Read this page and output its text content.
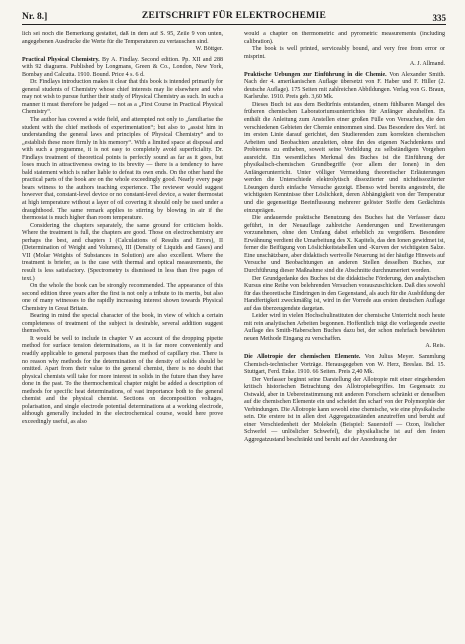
Nr. 8.]	ZEITSCHRIFT FÜR ELEKTROCHEMIE	335

lich sei noch die Bemerkung gestattet, daß in dem auf S. 95, Zeile 9 von unten, angegebenen Ausdrucke die Werte für die Temperaturen zu vertauschen sind.

W. Böttger.

Practical Physical Chemistry. By A. Findlay. Second edition. Pp. XII and 288 with 92 diagrams. Published by Longmans, Green & Co., London, New York, Bombay and Calcutta. 1910. Bound. Price 4 s. 6 d.

Dr. Findlays introduction makes it clear that this book is intended primarily for general students of Chemistry whose chief interests may lie elsewhere and who may not wish to pursue further their study of Physical Chemistry as such. In such a manner it must therefore be judged — not as a „First Course in Practical Physical Chemistry“.

The author has covered a wide field, and attempted not only to „familiarise the student with the chief methods of experimentation“; but also to „assist him in understanding the general laws and principles of Physical Chemistry“ and to „establish these more firmly in his memory“. With a limited space at disposal and with such a programme, it is not easy to completely avoid superficiality. Dr. Findlays treatment of theoretical points is perfectly sound as far as it goes, but loses much in attractiveness owing to its brevity — there is a tendency to have bald statement which is rather liable to defeat its own ends. On the other hand the practical parts of the book are on the whole exceedingly good. Nearly every page bears witness to the authors teaching experience. The reviewer would suggest however that, constant-level device or no constant-level device, a water thermostat at high temperature without a layer of oil covering it should only be used under a draughthood. The same remark applies to stirring by blowing in air if the thermostat is much higher than room temperature.

Considering the chapters separately, the same ground for criticism holds. Where the treatment is full, the chapters are good. Those on electrochemistry are perhaps the best, and chapters I (Calculations of Results and Errors), II (Determination of Weight and Volumes), III (Density of Liquids and Gases) and VII (Molar Weights of Substances in Solution) are also excellent. Where the treatment is briefer, as is the case with thermal and optical measurements, the result is less satisfactory. (Spectrometry is dismissed in less than five pages of text.)

On the whole the book can be strongly recommended. The appearance of this second edition three years after the first is not only a tribute to its merits, but also one of many witnesses to the rapidly increasing interest shown towards Physical Chemistry in Great Britain.

Bearing in mind the special character of the book, in view of which a certain completeness of treatment of the subject is desirable, several addition suggest themselves.

It would be well to include in chapter V an account of the dropping pipette method for surface tension determinations, as it is far more conveniently and readily applicable to general purposes than the method of capillary rise. There is no reason why methods for the determination of the density of solids should be omitted. Apart from their value to the general chemist, there is no doubt that physical chemists will take for more interest in solids in the future than they have done in the past. To the thermochemical chapter might be added a description of methods for specific heat determinations, of vast importance both to the general chemist and the physical chemist. Sections on decomposition voltages, polarisation, and single electrode potential determinations at a working electrode, although generally included in the electrochemical course, would here prove exceedingly useful, as also

would a chapter on thermometric and pyrometric measurements (including calibration).

The book is well printed, serviceably bound, and very free from error or misprint.

A. J. Allmand.

Praktische Uebungen zur Einführung in die Chemie. Von Alexander Smith. Nach der 4. amerikanischen Auflage übersetzt von F. Haber und F. Hiller (2. deutsche Auflage). 175 Seiten mit zahlreichen Abbildungen. Verlag von G. Braun, Karlsruhe. 1910. Preis geb. 3,60 Mk.

Dieses Buch ist aus dem Bedürfnis entstanden, einem fühlbaren Mangel des früheren chemischen Laboratoriumsunterrichtes für Anfänger abzuhelfen. Es enthält die Anleitung zum Anstellen einer großen Fülle von Versuchen, die den verschiedenen Gebieten der Chemie entnommen sind. Das Besondere des Verf. ist im ersten Linie darauf gerichtet, den Studierenden zum korrekten chemischen Arbeiten und Beobachten anzuleiten, ohne ihn des eigenen Nachdenkens und Probierens zu entheben, soweit seine Vorbildung zu selbständigem Vorgehen ausreicht. Ein wesentliches Merkmal des Buches ist die Einführung der physikalisch-chemischen Grundbegriffe (vor allem der Ionen) in den Anfängerunterricht. Unter völliger Vermeidung theoretischer Erläuterungen werden die Unterschiede elektrolytisch dissoziierter und nichtdissoziierter Lösungen durch einfache Versuche gezeigt. Ebenso wird bereits angestrebt, die wichtigsten Kenntnisse über Löslichkeit, deren Abhängigkeit von der Temperatur und die gegenseitige Beeinflussung mehrerer gelöster Stoffe dem Gedächtnis einzuprägen.

Die andauernde praktische Benutzung des Buches hat die Verfasser dazu geführt, in der Neuauflage zahlreiche Aenderungen und Erweiterungen vorzunehmen, ohne den Umfang dabei erheblich zu vergrößern. Besondere Erwähnung verdient die Umarbeitung des X. Kapitels, das den Ionen gewidmet ist, ferner die Beifügung von Löslichkeitstabellen und -Kurven der wichtigsten Salze. Eine unschätzbare, aber didaktisch wertvolle Neuerung ist der häufige Hinweis auf Versuche und Beobachtungen an anderen Stellen desselben Buches, zur Durchführung dieser Maßnahme sind die Abschnitte durchnumeriert worden.

Der Grundgedanke des Buches ist die didaktische Förderung, den analytischen Kursus eine Reihe von belehrenden Versuchen vorauszuschicken. Daß dies sowohl für das theoretische Eindringen in den Gegenstand, als auch für die Ausbildung der Handfertigkeit zweckmäßig ist, wird in der Vorrede aus ersten deutschen Auflage auf das überzeugendste dargetan.

Leider wird in vielen Hochschulinstituten der chemische Unterricht noch heute mit rein analytischen Arbeiten begonnen. Hoffentlich trägt die vorliegende zweite Auflage des Smith-Haberschen Buches dazu bei, der schon mehrfach bewährten neuen Methode Eingang zu verschaffen.

A. Reis.

Die Allotropie der chemischen Elemente. Von Julius Meyer. Sammlung Chemisch-technischer Vorträge. Herausgegeben von W. Herz, Breslau. Bd. 15. Stuttgart, Ferd. Enke. 1910. 66 Seiten. Preis 2,40 Mk.

Der Verfasser beginnt seine Darstellung der Allotropie mit einer eingehenden kritisch historischen Betrachtung des Allotropiebegriffes. Im Gegensatz zu Ostwald, aber in Uebereinstimmung mit anderen Forschern schränkt er denselben auf die chemischen Elemente ein und scheidet ihn scharf von der Polymorphie der Verbindungen. Die Allotropie kann sowohl eine chemische, wie eine physikalische sein. Die erstere ist in allen drei Aggregatzuständen anzutreffen und beruht auf einer Verschiedenheit der Molekeln (Beispiel: Sauerstoff — Ozon, löslicher Schwefel — unlöslicher Schwefel), die physikalische ist auf den festen Aggregatzustand beschränkt und beruht auf der Anordnung der
